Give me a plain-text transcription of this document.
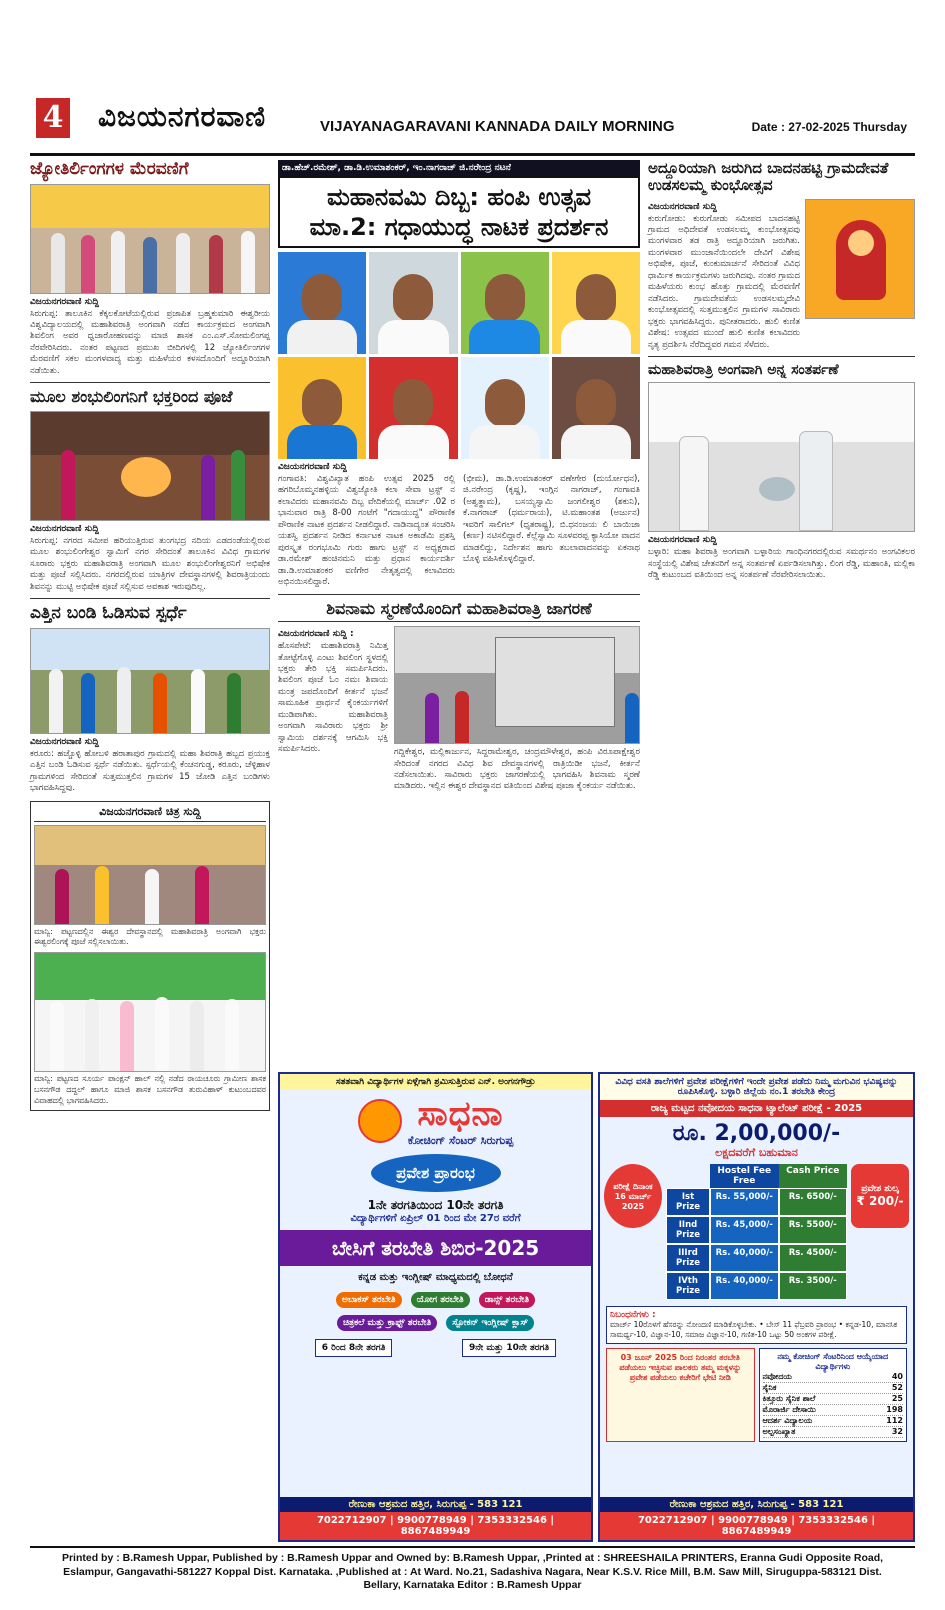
4 ವಿಜಯನಗರವಾಣಿ	VIJAYANAGARAVANI KANNADA DAILY MORNING	Date : 27-02-2025 Thursday
ಜ್ಯೋತಿರ್ಲಿಂಗಗಳ ಮೆರವಣಿಗೆ
ವಿಜಯನಗರವಾಣಿ ಸುದ್ದಿ
ಸಿರುಗುಪ್ಪ: ತಾಲೂಕಿನ ಕೆಕ್ಕಲಕೋಟೆಯಲ್ಲಿರುವ ಪ್ರಜಾಪಿತ ಬ್ರಹ್ಮಕುಮಾರಿ ಈಶ್ವರೀಯ ವಿಶ್ವವಿದ್ಯಾಲಯದಲ್ಲಿ ಮಹಾಶಿವರಾತ್ರಿ ಅಂಗವಾಗಿ ನಡೆದ ಕಾರ್ಯಕ್ರಮದ ಅಂಗವಾಗಿ ಶಿವಲಿಂಗ ಅವರ ಧ್ವಜಾರೋಹಣವನ್ನು ಮಾಜಿ ಶಾಸಕ ಎಂ.ಎಸ್.ಸೋಮಲಿಂಗಪ್ಪ ನೆರವೇರಿಸಿದರು. ನಂತರ ಪಟ್ಟಣದ ಪ್ರಮುಖ ಬೀದಿಗಳಲ್ಲಿ 12 ಜ್ಯೋತಿರ್ಲಿಂಗಗಳ ಮೆರವಣಿಗೆ ಸಕಲ ಮಂಗಳವಾದ್ಯ ಮತ್ತು ಮಹಿಳೆಯರ ಕಳಸದೊಂದಿಗೆ ಅದ್ದೂರಿಯಾಗಿ ನಡೆಯಿತು.
ಮೂಲ ಶಂಭುಲಿಂಗನಿಗೆ ಭಕ್ತರಿಂದ ಪೂಜೆ
ವಿಜಯನಗರವಾಣಿ ಸುದ್ದಿ
ಸಿರುಗುಪ್ಪ: ನಗರದ ಸಮೀಪ ಹರಿಯುತ್ತಿರುವ ತುಂಗಭದ್ರ ನದಿಯ ಎಡದಂಡೆಯಲ್ಲಿರುವ ಮೂಲ ಶಂಭುಲಿಂಗೇಶ್ವರ ಸ್ವಾಮಿಗೆ ನಗರ ಸೇರಿದಂತೆ ತಾಲೂಕಿನ ವಿವಿಧ ಗ್ರಾಮಗಳ ಸೂರಾರು ಭಕ್ತರು ಮಹಾಶಿವರಾತ್ರಿ ಅಂಗವಾಗಿ ಮೂಲ ಶಂಭುಲಿಂಗೇಶ್ವರನಿಗೆ ಅಭಿಷೇಕ ಮತ್ತು ಪೂಜೆ ಸಲ್ಲಿಸಿದರು. ನಗರದಲ್ಲಿರುವ ಯಾತ್ರಿಗಳ ದೇವಸ್ಥಾನಗಳಲ್ಲಿ ಶಿವರಾತ್ರಿಯಂದು ಶಿವನನ್ನು ಮುಟ್ಟಿ ಅಭಿಷೇಕ ಪೂಜೆ ಸಲ್ಲಿಸುವ ಅವಕಾಶ ಇರುವುದಿಲ್ಲ.
ಎತ್ತಿನ ಬಂಡಿ ಓಡಿಸುವ ಸ್ಪರ್ಧೆ
ವಿಜಯನಗರವಾಣಿ ಸುದ್ದಿ
ಕರೂರು: ಹಚ್ಚೊಳ್ಳಿ ಹೋಬಳಿ ಹರಾತಾಪುರ ಗ್ರಾಮದಲ್ಲಿ ಮಹಾ ಶಿವರಾತ್ರಿ ಹಬ್ಬದ ಪ್ರಯುಕ್ತ ಎತ್ತಿನ ಬಂಡಿ ಓಡಿಸುವ ಸ್ಪರ್ಧೆ ನಡೆಯಿತು. ಸ್ಪರ್ಧೆಯಲ್ಲಿ ಕೆಂಚನಗುಡ್ಡ, ಕರೂರು, ಚೆಳ್ಳಿಹಾಳ ಗ್ರಾಮಗಳಿಂದ ಸೇರಿದಂತೆ ಸುತ್ತಮುತ್ತಲಿನ ಗ್ರಾಮಗಳ 15 ಜೋಡಿ ಎತ್ತಿನ ಬಂಡಿಗಳು ಭಾಗವಹಿಸಿದ್ದವು.
ವಿಜಯನಗರವಾಣಿ ಚಿತ್ರ ಸುದ್ದಿ
ಮಾನ್ವಿ: ಪಟ್ಟಣದಲ್ಲಿನ ಈಶ್ವರ ದೇವಸ್ಥಾನದಲ್ಲಿ ಮಹಾಶಿವರಾತ್ರಿ ಅಂಗವಾಗಿ ಭಕ್ತರು ಈಶ್ವರಲಿಂಗಕ್ಕೆ ಪೂಜೆ ಸಲ್ಲಿಸಲಾಯಿತು.
ಮಾನ್ವಿ: ಪಟ್ಟಣದ ಸೂರ್ಯ ಪಾಂಕ್ಷನ್ ಹಾಲ್ ನಲ್ಲಿ ನಡೆದ ರಾಯಚೂರು ಗ್ರಾಮೀಣ ಶಾಸಕ ಬಸನಗೌಡ ದದ್ದಲ್ ಹಾಗೂ ಮಾಜಿ ಶಾಸಕ ಬಸನಗೌಡ ತುರುವಿಹಾಳ್ ಕುಟುಂಬದವರ ವಿವಾಹದಲ್ಲಿ ಭಾಗವಹಿಸಿದರು.
ಡಾ.ಹೆಚ್.ರಮೇಶ್, ಡಾ.ಡಿ.ಉಮಾಶಂಕರ್, ಇಂ.ನಾಗರಾಜ್ ಜಿ.ನರೇಂದ್ರ ನಟನೆ
ಮಹಾನವಮಿ ದಿಬ್ಬ: ಹಂಪಿ ಉತ್ಸವ
ಮಾ.2: ಗಧಾಯುದ್ಧ ನಾಟಕ ಪ್ರದರ್ಶನ
ವಿಜಯನಗರವಾಣಿ ಸುದ್ದಿ
ಗಂಗಾವತಿ: ವಿಶ್ವವಿಖ್ಯಾತ ಹಂಪಿ ಉತ್ಸವ 2025 ರಲ್ಲಿ ಹಗರಿಬೊಮ್ಮನಹಳ್ಳಿಯ ವಿಶ್ವಜ್ಯೋತಿ ಕಲಾ ಸೇವಾ ಟ್ರಸ್ಟ್ ನ ಕಲಾವಿದರು ಮಹಾನವಮಿ ದಿಬ್ಬ ವೇದಿಕೆಯಲ್ಲಿ ಮಾರ್ಚ್ .02 ರ ಭಾನುವಾರ ರಾತ್ರಿ 8-00 ಗಂಟೆಗೆ "ಗದಾಯುದ್ಧ" ಪೌರಾಣಿಕ ಪೌರಾಣಿಕ ನಾಟಕ ಪ್ರದರ್ಶನ ನೀಡಲಿದ್ದಾರೆ. ನಾಡಿನಾದ್ಯಂತ ಸಂಚರಿಸಿ ಯಶಸ್ವಿ ಪ್ರದರ್ಶನ ನೀಡಿದ ಕರ್ನಾಟಕ ನಾಟಕ ಅಕಾಡೆಮಿ ಪ್ರಶಸ್ತಿ ಪುರಸ್ಕೃತ ರಂಗಭೂಮಿ ಗುರು ಹಾಗು ಟ್ರಸ್ಟ್ ನ ಅಧ್ಯಕ್ಷರಾದ ಡಾ.ರಮೇಶ್ ಹಂಚಿನಮನಿ ಮತ್ತು ಪ್ರಧಾನ ಕಾರ್ಯದರ್ಶಿ ಡಾ.ಡಿ.ಉಮಾಶಂಕರ ವಣಿಗೇರ ನೇತೃತ್ವದಲ್ಲಿ ಕಲಾವಿದರು ಅಭಿನಯಿಸಲಿದ್ದಾರೆ.
(ಭೀಮ), ಡಾ.ಡಿ.ಉಮಾಶಂಕರ್ ವಣೇಗೇರ (ದುರ್ಯೋಧನ), ಜಿ.ನರೇಂದ್ರ (ಕೃಷ್ಣ), ಇಂಗ್ಗಿನ ನಾಗರಾಜ್, ಗಂಗಾವತಿ (ಅಶ್ವತ್ಥಾಮ), ಬಸಯ್ಯಸ್ವಾಮಿ ಜಂಗಲೀಶ್ವರ (ಶಕುನಿ), ಕೆ.ನಾಗರಾಜ್ (ಧರ್ಮರಾಯ), ಟಿ.ಮಹಾಂತಶ (ಅರ್ಜುನ) ಇವರಿಗೆ ಸಾಲಿಗಲ್ (ಧೃತರಾಷ್ಟ್ರ), ಬಿ.ಧನಂಜಯ ಲಿ ಬಾಯಿಜಾ (ಕರ್ಣ) ನಟಿಸಲಿದ್ದಾರೆ. ಕೆಲ್ಲೆಸ್ವಾಮಿ ಸೂಳವರಪ್ಪ ಕ್ಯಾಸಿಯೋ ವಾದನ ಮಾಡಲಿದ್ದು, ನಿರ್ದೇಶನ ಹಾಗು ತಬಲಾವಾದನವನ್ನು ಏಕನಾಥ ಬೊಳ್ಳಿ ವಹಿಸಿಕೊಳ್ಳಲಿದ್ದಾರೆ.
ಶಿವನಾಮ ಸ್ಮರಣೆಯೊಂದಿಗೆ ಮಹಾಶಿವರಾತ್ರಿ ಜಾಗರಣೆ
ವಿಜಯನಗರವಾಣಿ ಸುದ್ದಿ :
ಹೊಸಪೇಟೆ: ಮಹಾಶಿವರಾತ್ರಿ ನಿಮಿತ್ತ ತೋಟ್ಟೆಗೊಳ್ಳಿ ಎಂಟು ಶಿವಲಿಂಗ ಸ್ಥಳದಲ್ಲಿ ಭಕ್ತರು ತೇರಿ ಭಕ್ತಿ ಸಮರ್ಪಿಸಿದರು. ಶಿವಲಿಂಗ ಪೂಜೆ ಓಂ ನಮಃ ಶಿವಾಯ ಮಂತ್ರ ಜಪದೊಂದಿಗೆ ಕೀರ್ತನೆ ಭಜನೆ ಸಾಮೂಹಿಕ ಪ್ರಾರ್ಥನೆ ಕೈಂಕರ್ಯಗಳಿಗೆ ಮುಡಿಪಾಗಿತು. ಮಹಾಶಿವರಾತ್ರಿ ಅಂಗವಾಗಿ ಸಾವಿರಾರು ಭಕ್ತರು ಶ್ರೀ ಸ್ವಾಮಿಯ ದರ್ಶನಕ್ಕೆ ಆಗಮಿಸಿ ಭಕ್ತಿ ಸಮರ್ಪಿಸಿದರು.	ಗದ್ದಿಕೇಶ್ವರ, ಮಲ್ಲಿಕಾರ್ಜುನ, ಸಿದ್ದರಾಮೇಶ್ವರ, ಚಂದ್ರಮೌಳೇಶ್ವರ, ಹಂಪಿ ವಿರೂಪಾಕ್ಷೇಶ್ವರ ಸೇರಿದಂತೆ ನಗರದ ವಿವಿಧ ಶಿವ ದೇವಸ್ಥಾನಗಳಲ್ಲಿ ರಾತ್ರಿಯಿಡೀ ಭಜನೆ, ಕೀರ್ತನೆ ನಡೆಸಲಾಯಿತು. ಸಾವಿರಾರು ಭಕ್ತರು ಜಾಗರಣೆಯಲ್ಲಿ ಭಾಗವಹಿಸಿ ಶಿವನಾಮ ಸ್ಮರಣೆ ಮಾಡಿದರು. ಇಲ್ಲಿನ ಈಶ್ವರ ದೇವಸ್ಥಾನದ ವತಿಯಿಂದ ವಿಶೇಷ ಪೂಜಾ ಕೈಂಕರ್ಯ ನಡೆಯಿತು.
ಅದ್ದೂರಿಯಾಗಿ ಜರುಗಿದ ಬಾದನಹಟ್ಟಿ ಗ್ರಾಮದೇವತೆ ಉಡಸಲಮ್ಮ ಕುಂಭೋತ್ಸವ
ವಿಜಯನಗರವಾಣಿ ಸುದ್ದಿ
ಕುರುಗೋಡು: ಕುರುಗೋಡು ಸಮೀಪದ ಬಾದನಹಟ್ಟಿ ಗ್ರಾಮದ ಅಧಿದೇವತೆ ಉಡಸಲಮ್ಮ ಕುಂಭೋತ್ಸವವು ಮಂಗಳವಾರ ತಡ ರಾತ್ರಿ ಅದ್ದೂರಿಯಾಗಿ ಜರುಗಿತು. ಮಂಗಳವಾರ ಮುಂಜಾನೆಯಿಂದಲೇ ದೇವಿಗೆ ವಿಶೇಷ ಅಭಿಷೇಕ, ಪೂಜೆ, ಕುಂಕುಮಾರ್ಚನೆ ಸೇರಿದಂತೆ ವಿವಿಧ ಧಾರ್ಮಿಕ ಕಾರ್ಯಕ್ರಮಗಳು ಜರುಗಿದವು. ನಂತರ ಗ್ರಾಮದ ಮಹಿಳೆಯರು ಕುಂಭ ಹೊತ್ತು ಗ್ರಾಮದಲ್ಲಿ ಮೆರವಣಿಗೆ ನಡೆಸಿದರು. ಗ್ರಾಮದೇವತೆಯ ಉಡಸಲಮ್ಮದೇವಿ ಕುಂಭೋತ್ಸವದಲ್ಲಿ ಸುತ್ತಮುತ್ತಲಿನ ಗ್ರಾಮಗಳ ಸಾವಿರಾರು ಭಕ್ತರು ಭಾಗವಹಿಸಿದ್ದರು. ಪುನೀತರಾದರು. ಹುಲಿ ಕುಣಿತ ವಿಶೇಷ: ಉತ್ಸವದ ಮುಂದೆ ಹುಲಿ ಕುಣಿತ ಕಲಾವಿದರು ನೃತ್ಯ ಪ್ರದರ್ಶಿಸಿ ನೆರೆದಿದ್ದವರ ಗಮನ ಸೆಳೆದರು.
ಮಹಾಶಿವರಾತ್ರಿ ಅಂಗವಾಗಿ ಅನ್ನ ಸಂತರ್ಪಣೆ
ವಿಜಯನಗರವಾಣಿ ಸುದ್ದಿ
ಬಳ್ಳಾರಿ: ಮಹಾ ಶಿವರಾತ್ರಿ ಅಂಗವಾಗಿ ಬಳ್ಳಾರಿಯ ಗಾಂಧಿನಗರದಲ್ಲಿರುವ ಸಮರ್ಥನಂ ಅಂಗವಿಕಲರ ಸಂಸ್ಥೆಯಲ್ಲಿ ವಿಶೇಷ ಚೇತನರಿಗೆ ಅನ್ನ ಸಂತರ್ಪಣೆ ಏರ್ಪಡಿಸಲಾಗಿತ್ತು. ಲಿಂಗ ರೆಡ್ಡಿ, ಮಹಾಂತಿ, ಮಲ್ಲಿಕಾ ರೆಡ್ಡಿ ಕುಟುಂಬದ ವತಿಯಿಂದ ಅನ್ನ ಸಂತರ್ಪಣೆ ನೆರವೇರಿಸಲಾಯಿತು.
ಸತತವಾಗಿ ವಿದ್ಯಾರ್ಥಿಗಳ ಏಳ್ಗೆಗಾಗಿ ಶ್ರಮಿಸುತ್ತಿರುವ ಎನ್. ಅಂಗನಗೌಡ್ರು
ಸಾಧನಾ
ಕೋಚಿಂಗ್ ಸೆಂಟರ್ ಸಿರುಗುಪ್ಪ
ಪ್ರವೇಶ ಪ್ರಾರಂಭ
1ನೇ ತರಗತಿಯಿಂದ 10ನೇ ತರಗತಿ
ವಿದ್ಯಾರ್ಥಿಗಳಿಗೆ ಏಪ್ರಿಲ್ 01 ರಿಂದ ಮೇ 27ರ ವರೆಗೆ
ಬೇಸಿಗೆ ತರಬೇತಿ ಶಿಬಿರ-2025
ಕನ್ನಡ ಮತ್ತು ಇಂಗ್ಲೀಷ್ ಮಾಧ್ಯಮದಲ್ಲಿ ಬೋಧನೆ
ಅಬಾಕಸ್ ತರಬೇತಿ ಯೋಗ ತರಬೇತಿ ಡಾನ್ಸ್ ತರಬೇತಿ ಚಿತ್ರಕಲೆ ಮತ್ತು ಕ್ರಾಫ್ಟ್ ತರಬೇತಿ ಸ್ಪೋಕನ್ ಇಂಗ್ಲೀಷ್ ಕ್ಲಾಸ್
6 ರಿಂದ 8ನೇ ತರಗತಿ	9ನೇ ಮತ್ತು 10ನೇ ತರಗತಿ
ರೇಣುಕಾ ಆಶ್ರಮದ ಹತ್ತಿರ, ಸಿರುಗುಪ್ಪ - 583 121
7022712907 | 9900778949 | 7353332546 | 8867489949
ವಿವಿಧ ವಸತಿ ಶಾಲೆಗಳಿಗೆ ಪ್ರವೇಶ ಪರೀಕ್ಷೆಗಳಿಗೆ ಇಂದೇ ಪ್ರವೇಶ ಪಡೆದು ನಿಮ್ಮ ಮಗುವಿನ ಭವಿಷ್ಯವನ್ನು ರೂಪಿಸಿಕೊಳ್ಳಿ. ಬಳ್ಳಾರಿ ಜಿಲ್ಲೆಯ ನಂ.1 ತರಬೇತಿ ಕೇಂದ್ರ
ರಾಜ್ಯ ಮಟ್ಟದ ನವೋದಯ ಸಾಧನಾ ಟ್ಯಾಲೆಂಟ್ ಪರೀಕ್ಷೆ - 2025
ರೂ. 2,00,000/-
ಲಕ್ಷದವರೆಗೆ ಬಹುಮಾನ
ಪರೀಕ್ಷೆ ದಿನಾಂಕ
16 ಮಾರ್ಚ್ 2025
Hostel Fee Free
Cash Price
Ist Prize
Rs. 55,000/-	Rs. 6500/-
IInd Prize
Rs. 45,000/-	Rs. 5500/-
IIIrd Prize
Rs. 40,000/-	Rs. 4500/-
IVth Prize
Rs. 40,000/-	Rs. 3500/-
ಪ್ರವೇಶ ಶುಲ್ಕ
₹ 200/-
ನಿಬಂಧನೆಗಳು :
ಮಾರ್ಚ್ 10ರೊಳಗೆ ಹೆಸರನ್ನು ನೋಂದಣಿ ಮಾಡಿಕೊಳ್ಳಬೇಕು. • ಬೇಸ್ 11 ಫೆಬ್ರವರಿ ಪ್ರಾರಂಭ • ಕನ್ನಡ-10, ಮಾನಸಿಕ ಸಾಮರ್ಥ್ಯ-10, ವಿಜ್ಞಾನ-10, ಸಮಾಜ ವಿಜ್ಞಾನ-10, ಗಣಿತ-10 ಒಟ್ಟು 50 ಅಂಕಗಳ ಪರೀಕ್ಷೆ.
03 ಜೂನ್ 2025 ರಿಂದ ನಿರಂತರ ತರಬೇತಿ ಪಡೆಯಲು ಇಚ್ಛಿಸುವ ಪಾಲಕರು ತಮ್ಮ ಮಕ್ಕಳನ್ನು ಪ್ರವೇಶ ಪಡೆಯಲು ಕಚೇರಿಗೆ ಭೇಟಿ ನೀಡಿ
ನಮ್ಮ ಕೋಚಿಂಗ್ ಸೆಂಟರಿನಿಂದ ಆಯ್ಕೆಯಾದ ವಿದ್ಯಾರ್ಥಿಗಳು
ನವೋದಯ	40
ಸೈನಿಕ	52
ಕಿತ್ತೂರು ಸೈನಿಕ ಶಾಲೆ	25
ಮೊರಾರ್ಜಿ ದೇಸಾಯಿ	198
ಆದರ್ಶ ವಿದ್ಯಾಲಯ	112
ಅಲ್ಪಸಂಖ್ಯಾತ	32
ರೇಣುಕಾ ಆಶ್ರಮದ ಹತ್ತಿರ, ಸಿರುಗುಪ್ಪ - 583 121
7022712907 | 9900778949 | 7353332546 | 8867489949
Printed by : B.Ramesh Uppar, Published by : B.Ramesh Uppar and Owned by: B.Ramesh Uppar, ,Printed at : SHREESHAILA PRINTERS, Eranna Gudi Opposite Road,
Eslampur, Gangavathi-581227 Koppal Dist. Karnataka. ,Published at : At Ward. No.21, Sadashiva Nagara, Near K.S.V. Rice Mill, B.M. Saw Mill, Siruguppa-583121 Dist.
Bellary, Karnataka Editor : B.Ramesh Uppar
